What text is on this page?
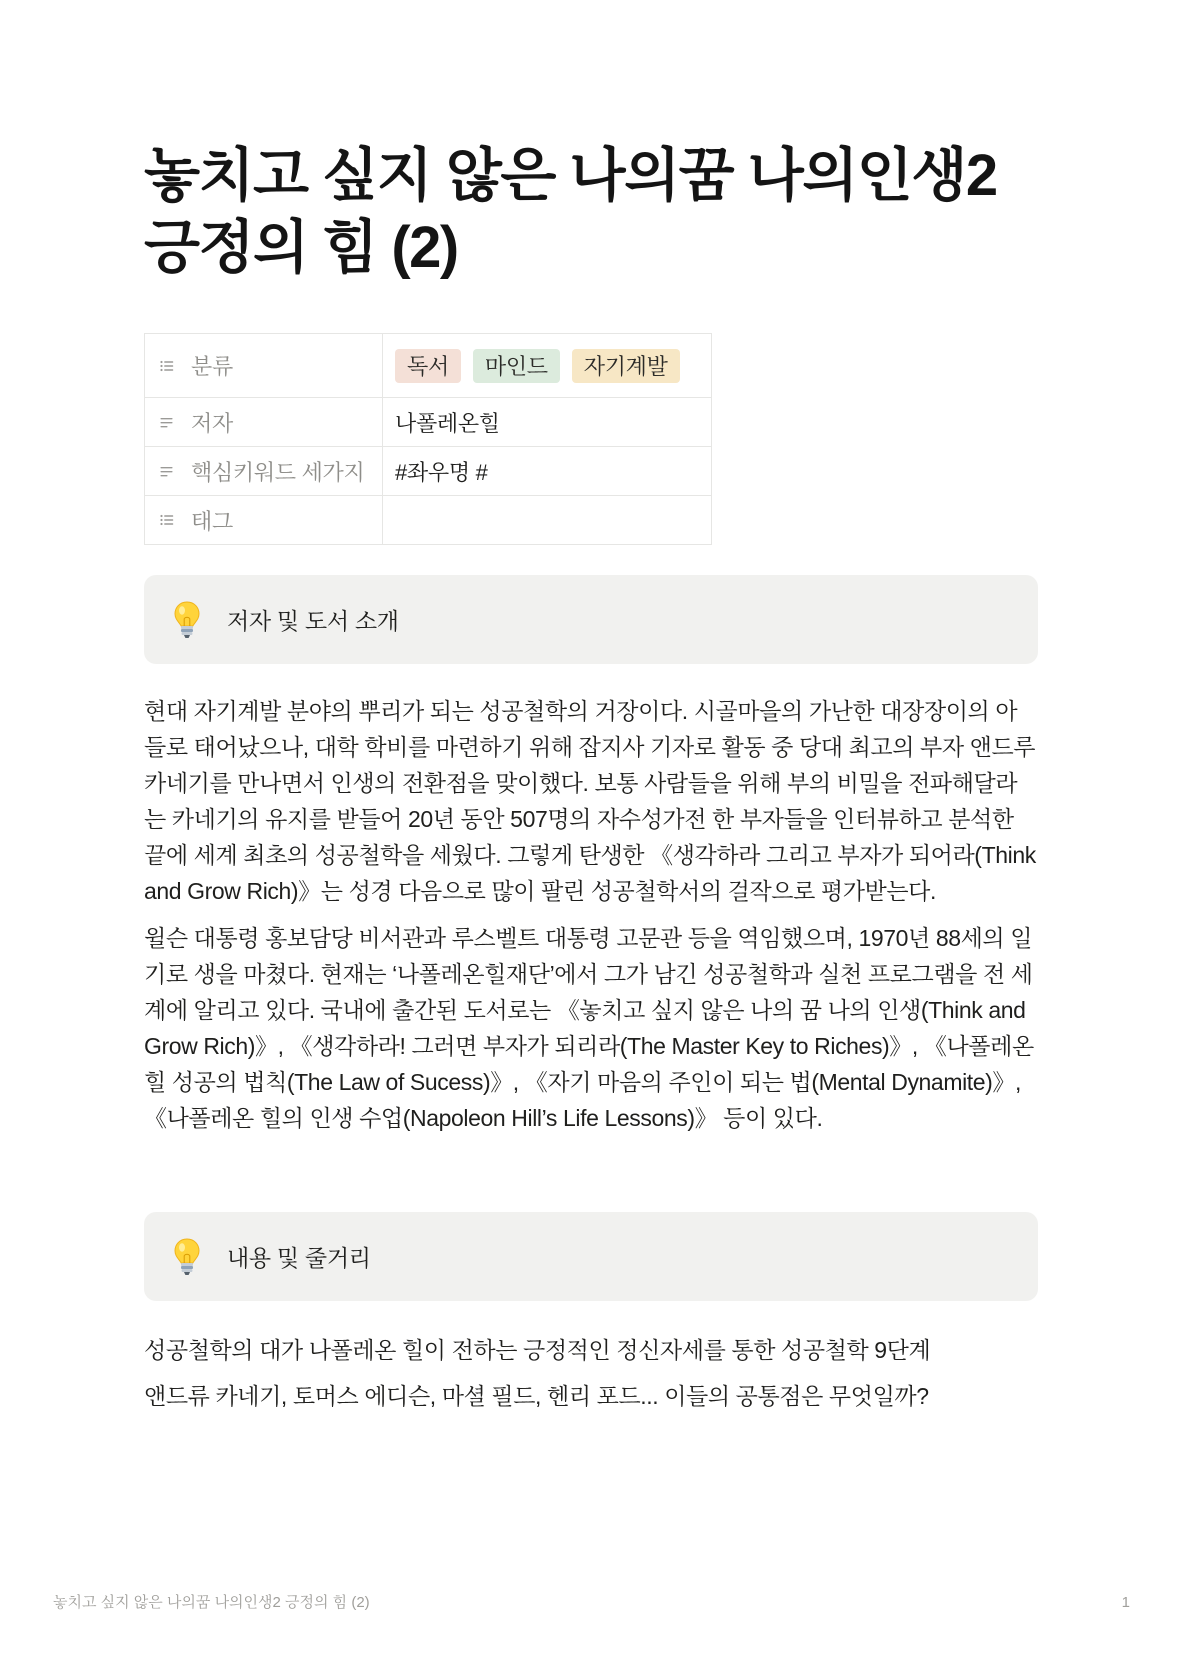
놓치고 싶지 않은 나의꿈 나의인생2 긍정의 힘 (2)
분류	독서	마인드	자기계발
저자	나폴레온힐
핵심키워드 세가지	#좌우명 #
태그
저자 및 도서 소개

현대 자기계발 분야의 뿌리가 되는 성공철학의 거장이다. 시골마을의 가난한 대장장이의 아들로 태어났으나, 대학 학비를 마련하기 위해 잡지사 기자로 활동 중 당대 최고의 부자 앤드루 카네기를 만나면서 인생의 전환점을 맞이했다. 보통 사람들을 위해 부의 비밀을 전파해달라는 카네기의 유지를 받들어 20년 동안 507명의 자수성가전 한 부자들을 인터뷰하고 분석한 끝에 세계 최초의 성공철학을 세웠다. 그렇게 탄생한 《생각하라 그리고 부자가 되어라(Think and Grow Rich)》는 성경 다음으로 많이 팔린 성공철학서의 걸작으로 평가받는다.

윌슨 대통령 홍보담당 비서관과 루스벨트 대통령 고문관 등을 역임했으며, 1970년 88세의 일기로 생을 마쳤다. 현재는 ‘나폴레온힐재단’에서 그가 남긴 성공철학과 실천 프로그램을 전 세계에 알리고 있다. 국내에 출간된 도서로는 《놓치고 싶지 않은 나의 꿈 나의 인생(Think and Grow Rich)》, 《생각하라! 그러면 부자가 되리라(The Master Key to Riches)》, 《나폴레온 힐 성공의 법칙(The Law of Sucess)》, 《자기 마음의 주인이 되는 법(Mental Dynamite)》, 《나폴레온 힐의 인생 수업(Napoleon Hill’s Life Lessons)》 등이 있다.

내용 및 줄거리

성공철학의 대가 나폴레온 힐이 전하는 긍정적인 정신자세를 통한 성공철학 9단계

앤드류 카네기, 토머스 에디슨, 마셜 필드, 헨리 포드... 이들의 공통점은 무엇일까?

놓치고 싶지 않은 나의꿈 나의인생2 긍정의 힘 (2)	1
